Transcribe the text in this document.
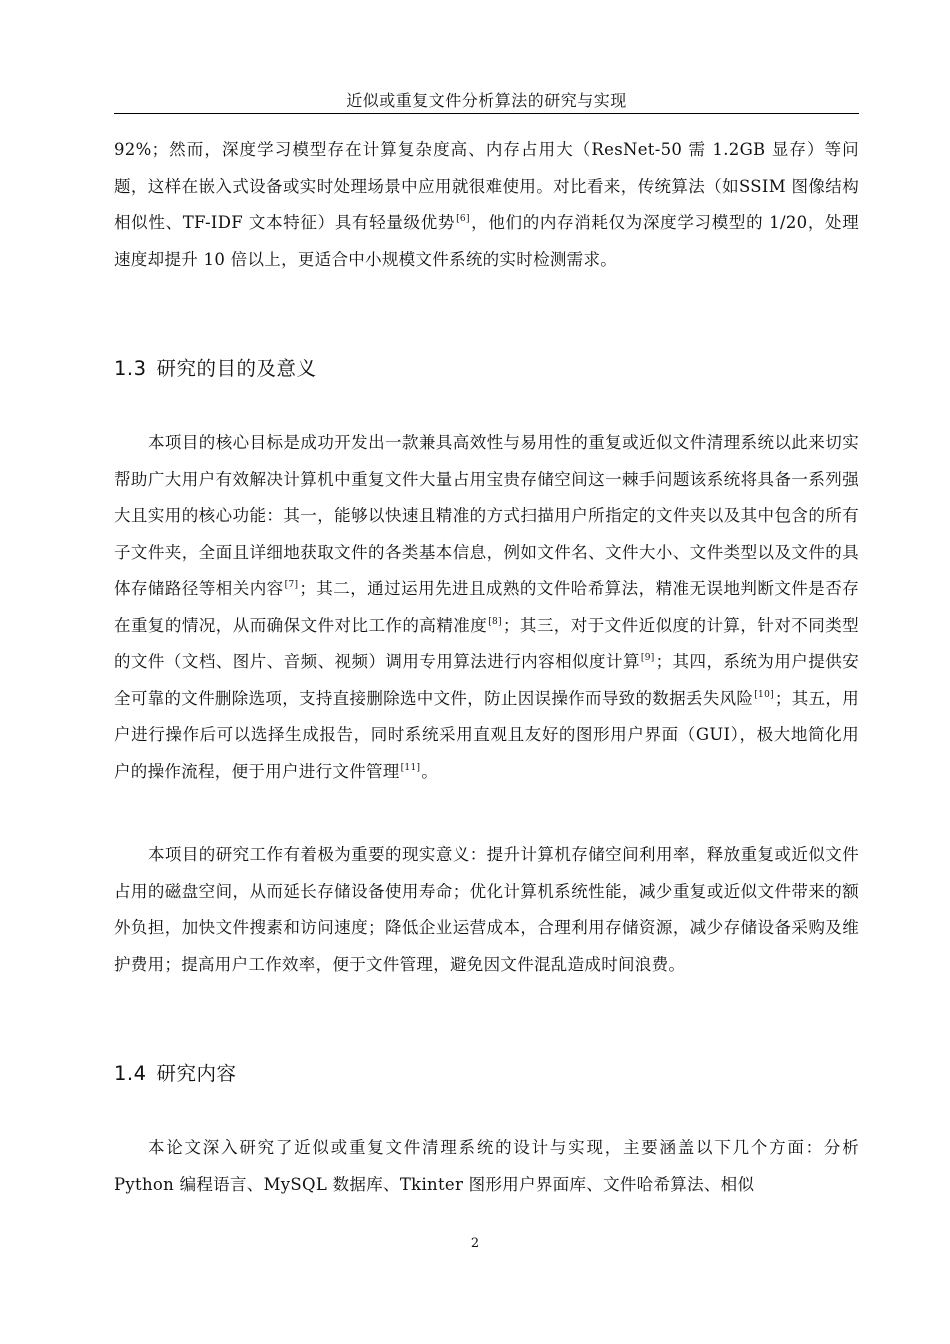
近似或重复文件分析算法的研究与实现
92%；然而，深度学习模型存在计算复杂度高、内存占用大（ResNet-50 需 1.2GB 显存）等问题，这样在嵌入式设备或实时处理场景中应用就很难使用。对比看来，传统算法（如SSIM 图像结构相似性、TF-IDF 文本特征）具有轻量级优势[6]，他们的内存消耗仅为深度学习模型的 1/20，处理速度却提升 10 倍以上，更适合中小规模文件系统的实时检测需求。
1.3 研究的目的及意义
本项目的核心目标是成功开发出一款兼具高效性与易用性的重复或近似文件清理系统以此来切实帮助广大用户有效解决计算机中重复文件大量占用宝贵存储空间这一棘手问题该系统将具备一系列强大且实用的核心功能：其一，能够以快速且精准的方式扫描用户所指定的文件夹以及其中包含的所有子文件夹，全面且详细地获取文件的各类基本信息，例如文件名、文件大小、文件类型以及文件的具体存储路径等相关内容[7]；其二，通过运用先进且成熟的文件哈希算法，精准无误地判断文件是否存在重复的情况，从而确保文件对比工作的高精准度[8]；其三，对于文件近似度的计算，针对不同类型的文件（文档、图片、音频、视频）调用专用算法进行内容相似度计算[9]；其四，系统为用户提供安全可靠的文件删除选项，支持直接删除选中文件，防止因误操作而导致的数据丢失风险[10]；其五，用户进行操作后可以选择生成报告，同时系统采用直观且友好的图形用户界面（GUI），极大地简化用户的操作流程，便于用户进行文件管理[11]。
本项目的研究工作有着极为重要的现实意义：提升计算机存储空间利用率，释放重复或近似文件占用的磁盘空间，从而延长存储设备使用寿命；优化计算机系统性能，减少重复或近似文件带来的额外负担，加快文件搜素和访问速度；降低企业运营成本，合理利用存储资源，减少存储设备采购及维护费用；提高用户工作效率，便于文件管理，避免因文件混乱造成时间浪费。
1.4 研究内容
本论文深入研究了近似或重复文件清理系统的设计与实现，主要涵盖以下几个方面：分析 Python 编程语言、MySQL 数据库、Tkinter 图形用户界面库、文件哈希算法、相似
2
